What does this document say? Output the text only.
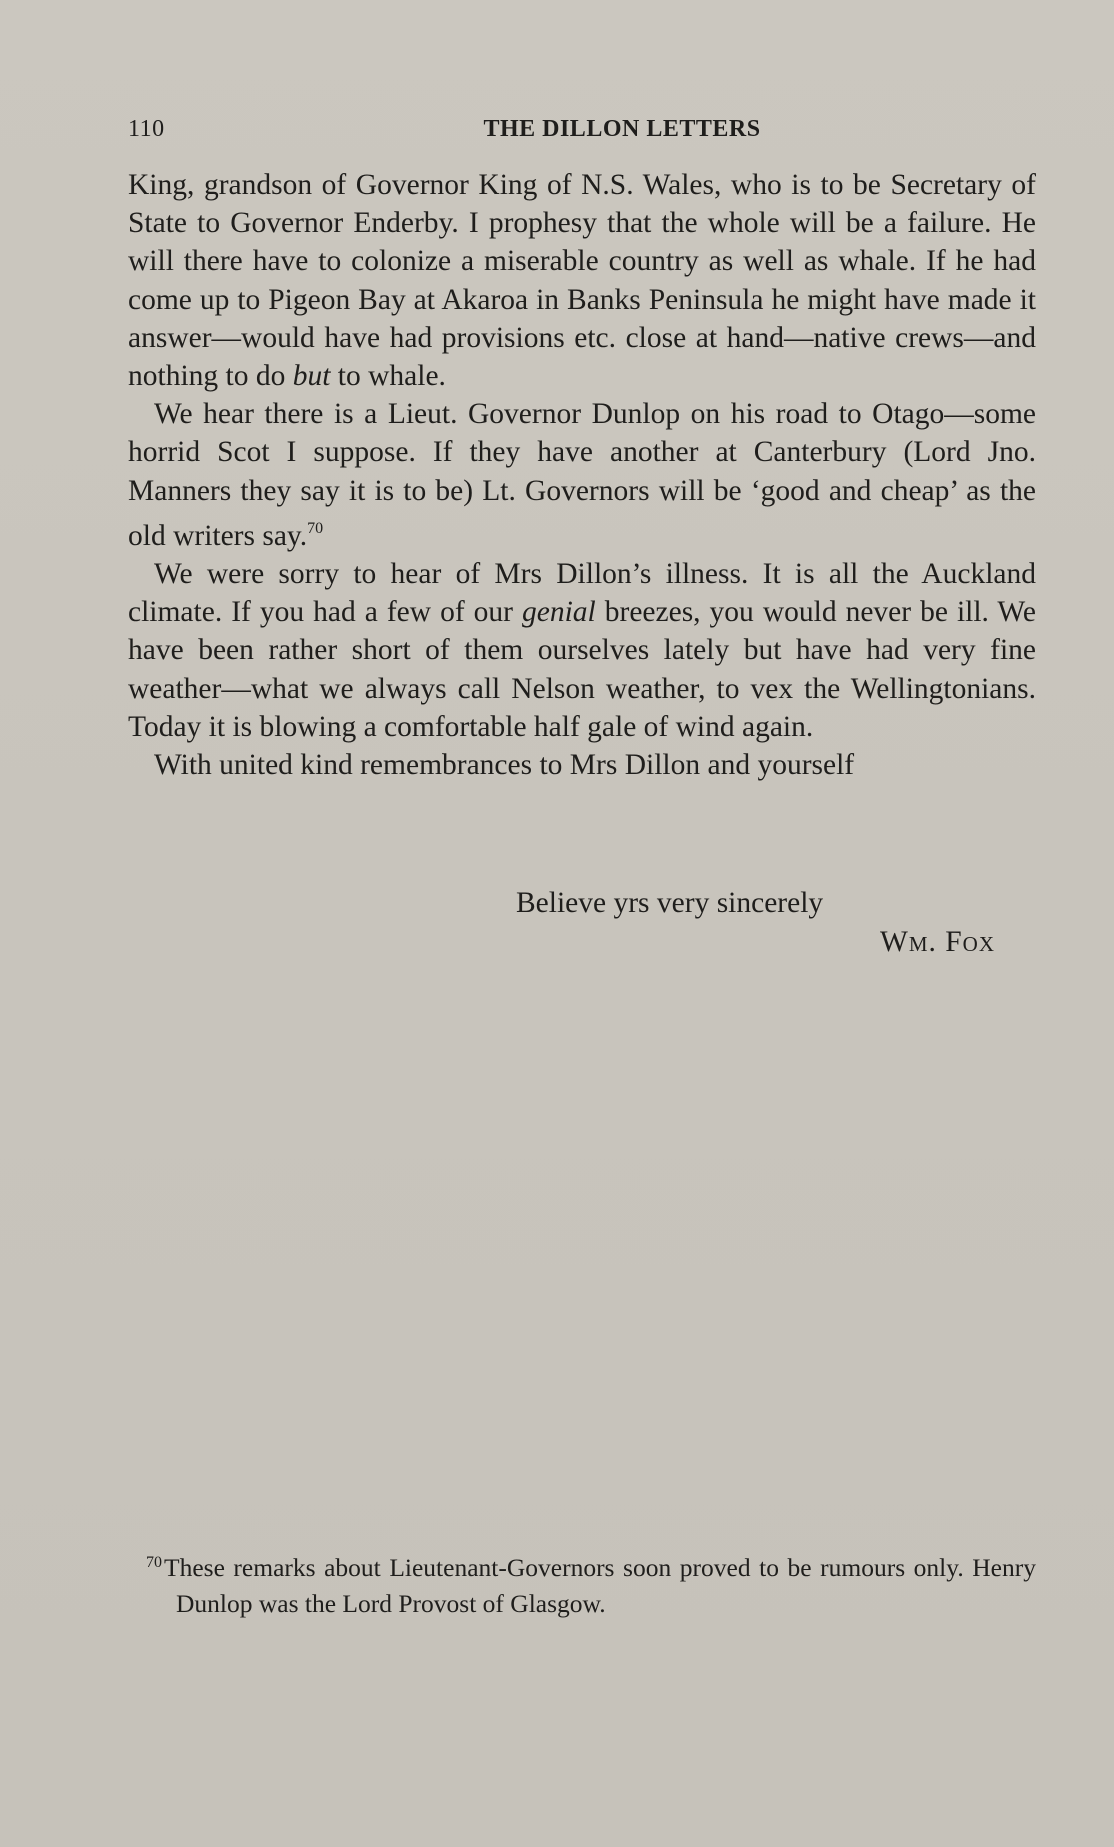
110	THE DILLON LETTERS

King, grandson of Governor King of N.S. Wales, who is to be Secretary of State to Governor Enderby. I prophesy that the whole will be a failure. He will there have to colonize a miserable country as well as whale. If he had come up to Pigeon Bay at Akaroa in Banks Peninsula he might have made it answer—would have had provisions etc. close at hand—native crews—and nothing to do but to whale.

We hear there is a Lieut. Governor Dunlop on his road to Otago—some horrid Scot I suppose. If they have another at Canterbury (Lord Jno. Manners they say it is to be) Lt. Governors will be ‘good and cheap’ as the old writers say.$^{70}$

We were sorry to hear of Mrs Dillon’s illness. It is all the Auckland climate. If you had a few of our genial breezes, you would never be ill. We have been rather short of them ourselves lately but have had very fine weather—what we always call Nelson weather, to vex the Wellingtonians. Today it is blowing a comfortable half gale of wind again.

With united kind remembrances to Mrs Dillon and yourself

Believe yrs very sincerely
Wm. Fox

$^{70}$These remarks about Lieutenant-Governors soon proved to be rumours only. Henry Dunlop was the Lord Provost of Glasgow.
